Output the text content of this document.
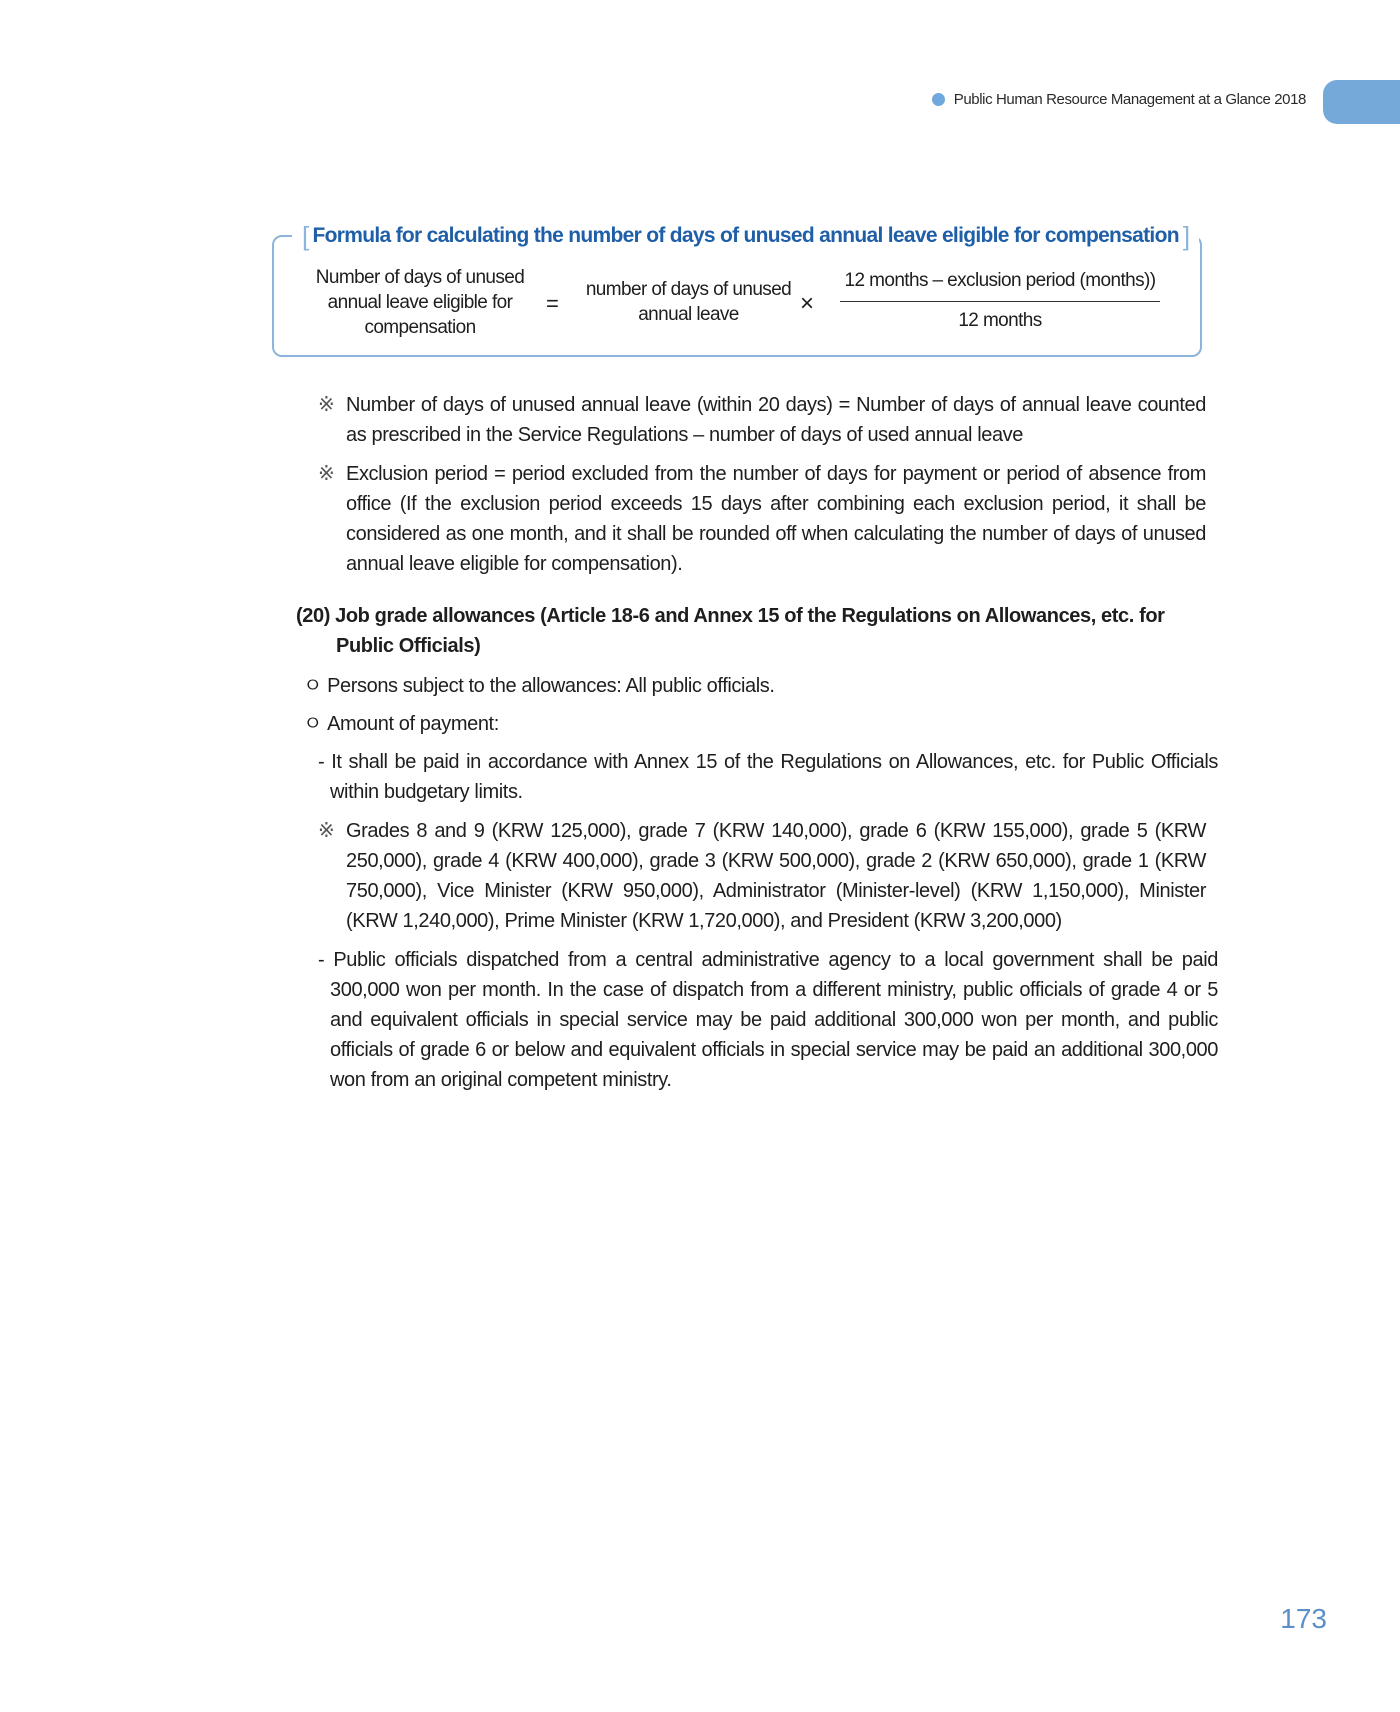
Public Human Resource Management at a Glance 2018
[ Formula for calculating the number of days of unused annual leave eligible for compensation ]
Number of days of unused
annual leave eligible for
compensation
=
number of days of unused
annual leave	×
12 months – exclusion period (months))
12 months

※ Number of days of unused annual leave (within 20 days) = Number of days of annual leave counted as prescribed in the Service Regulations – number of days of used annual leave

※ Exclusion period = period excluded from the number of days for payment or period of absence from office (If the exclusion period exceeds 15 days after combining each exclusion period, it shall be considered as one month, and it shall be rounded off when calculating the number of days of unused annual leave eligible for compensation).

(20) Job grade allowances (Article 18-6 and Annex 15 of the Regulations on Allowances, etc. for Public Officials)

ㅇ Persons subject to the allowances: All public officials.

ㅇ Amount of payment:

- It shall be paid in accordance with Annex 15 of the Regulations on Allowances, etc. for Public Officials within budgetary limits.

※ Grades 8 and 9 (KRW 125,000), grade 7 (KRW 140,000), grade 6 (KRW 155,000), grade 5 (KRW 250,000), grade 4 (KRW 400,000), grade 3 (KRW 500,000), grade 2 (KRW 650,000), grade 1 (KRW 750,000), Vice Minister (KRW 950,000), Administrator (Minister-level) (KRW 1,150,000), Minister (KRW 1,240,000), Prime Minister (KRW 1,720,000), and President (KRW 3,200,000)

- Public officials dispatched from a central administrative agency to a local government shall be paid 300,000 won per month. In the case of dispatch from a different ministry, public officials of grade 4 or 5 and equivalent officials in special service may be paid additional 300,000 won per month, and public officials of grade 6 or below and equivalent officials in special service may be paid an additional 300,000 won from an original competent ministry.

173
